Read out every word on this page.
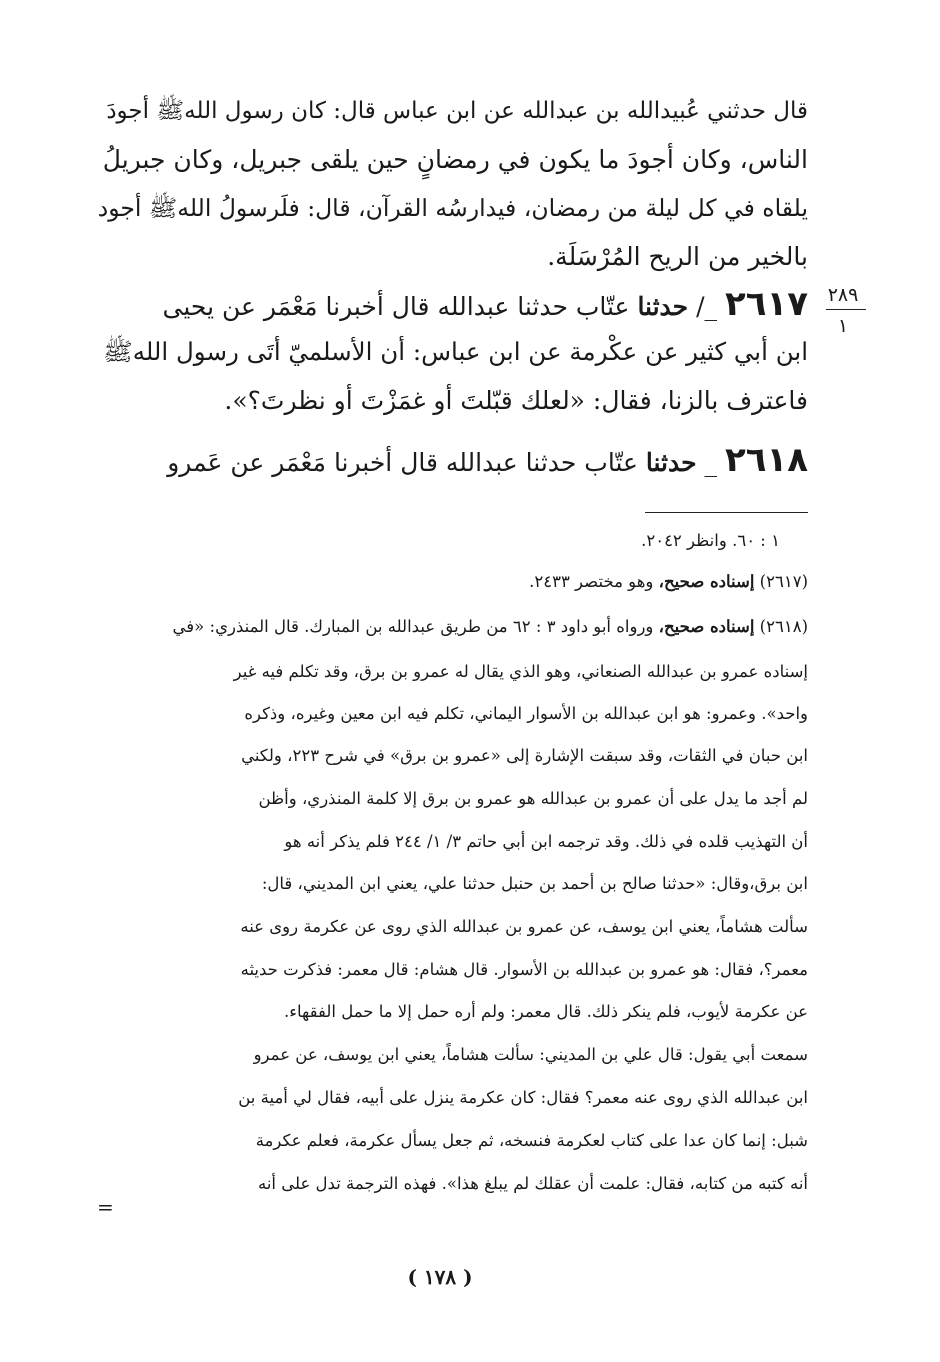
قال حدثني عُبيدالله بن عبدالله عن ابن عباس قال: كان رسول اللهﷺ أجودَ
الناس، وكان أجودَ ما يكون في رمضانٍ حين يلقى جبريل، وكان جبريلُ
يلقاه في كل ليلة من رمضان، فيدارسُه القرآن، قال: فلَرسولُ اللهﷺ أجود
بالخير من الريح المُرْسَلَة.
٢٦١٧ _/ حدثنا عتّاب حدثنا عبدالله قال أخبرنا مَعْمَر عن يحيى
ابن أبي كثير عن عكْرمة عن ابن عباس: أن الأسلميّ أتَى رسول اللهﷺ
فاعترف بالزنا، فقال: «لعلك قبّلتَ أو غمَزْتَ أو نظرتَ؟».
٢٦١٨ _ حدثنا عتّاب حدثنا عبدالله قال أخبرنا مَعْمَر عن عَمرو
٢٨٩
١
١ : ٦٠. وانظر ٢٠٤٢.
(٢٦١٧) إسناده صحيح، وهو مختصر ٢٤٣٣.
(٢٦١٨) إسناده صحيح، ورواه أبو داود ٣ : ٦٢ من طريق عبدالله بن المبارك. قال المنذري: «في
إسناده عمرو بن عبدالله الصنعاني، وهو الذي يقال له عمرو بن برق، وقد تكلم فيه غير
واحد». وعمرو: هو ابن عبدالله بن الأسوار اليماني، تكلم فيه ابن معين وغيره، وذكره
ابن حبان في الثقات، وقد سبقت الإشارة إلى «عمرو بن برق» في شرح ٢٢٣، ولكني
لم أجد ما يدل على أن عمرو بن عبدالله هو عمرو بن برق إلا كلمة المنذري، وأظن
أن التهذيب قلده في ذلك. وقد ترجمه ابن أبي حاتم ٣/ ١/ ٢٤٤ فلم يذكر أنه هو
ابن برق،وقال: «حدثنا صالح بن أحمد بن حنبل حدثنا علي، يعني ابن المديني، قال:
سألت هشاماً، يعني ابن يوسف، عن عمرو بن عبدالله الذي روى عن عكرمة روى عنه
معمر؟، فقال: هو عمرو بن عبدالله بن الأسوار. قال هشام: قال معمر: فذكرت حديثه
عن عكرمة لأيوب، فلم ينكر ذلك. قال معمر: ولم أره حمل إلا ما حمل الفقهاء.
سمعت أبي يقول: قال علي بن المديني: سألت هشاماً، يعني ابن يوسف، عن عمرو
ابن عبدالله الذي روى عنه معمر؟ فقال: كان عكرمة ينزل على أبيه، فقال لي أمية بن
شبل: إنما كان عدا على كتاب لعكرمة فنسخه، ثم جعل يسأل عكرمة، فعلم عكرمة
أنه كتبه من كتابه، فقال: علمت أن عقلك لم يبلغ هذا». فهذه الترجمة تدل على أنه
=
( ١٧٨ )
